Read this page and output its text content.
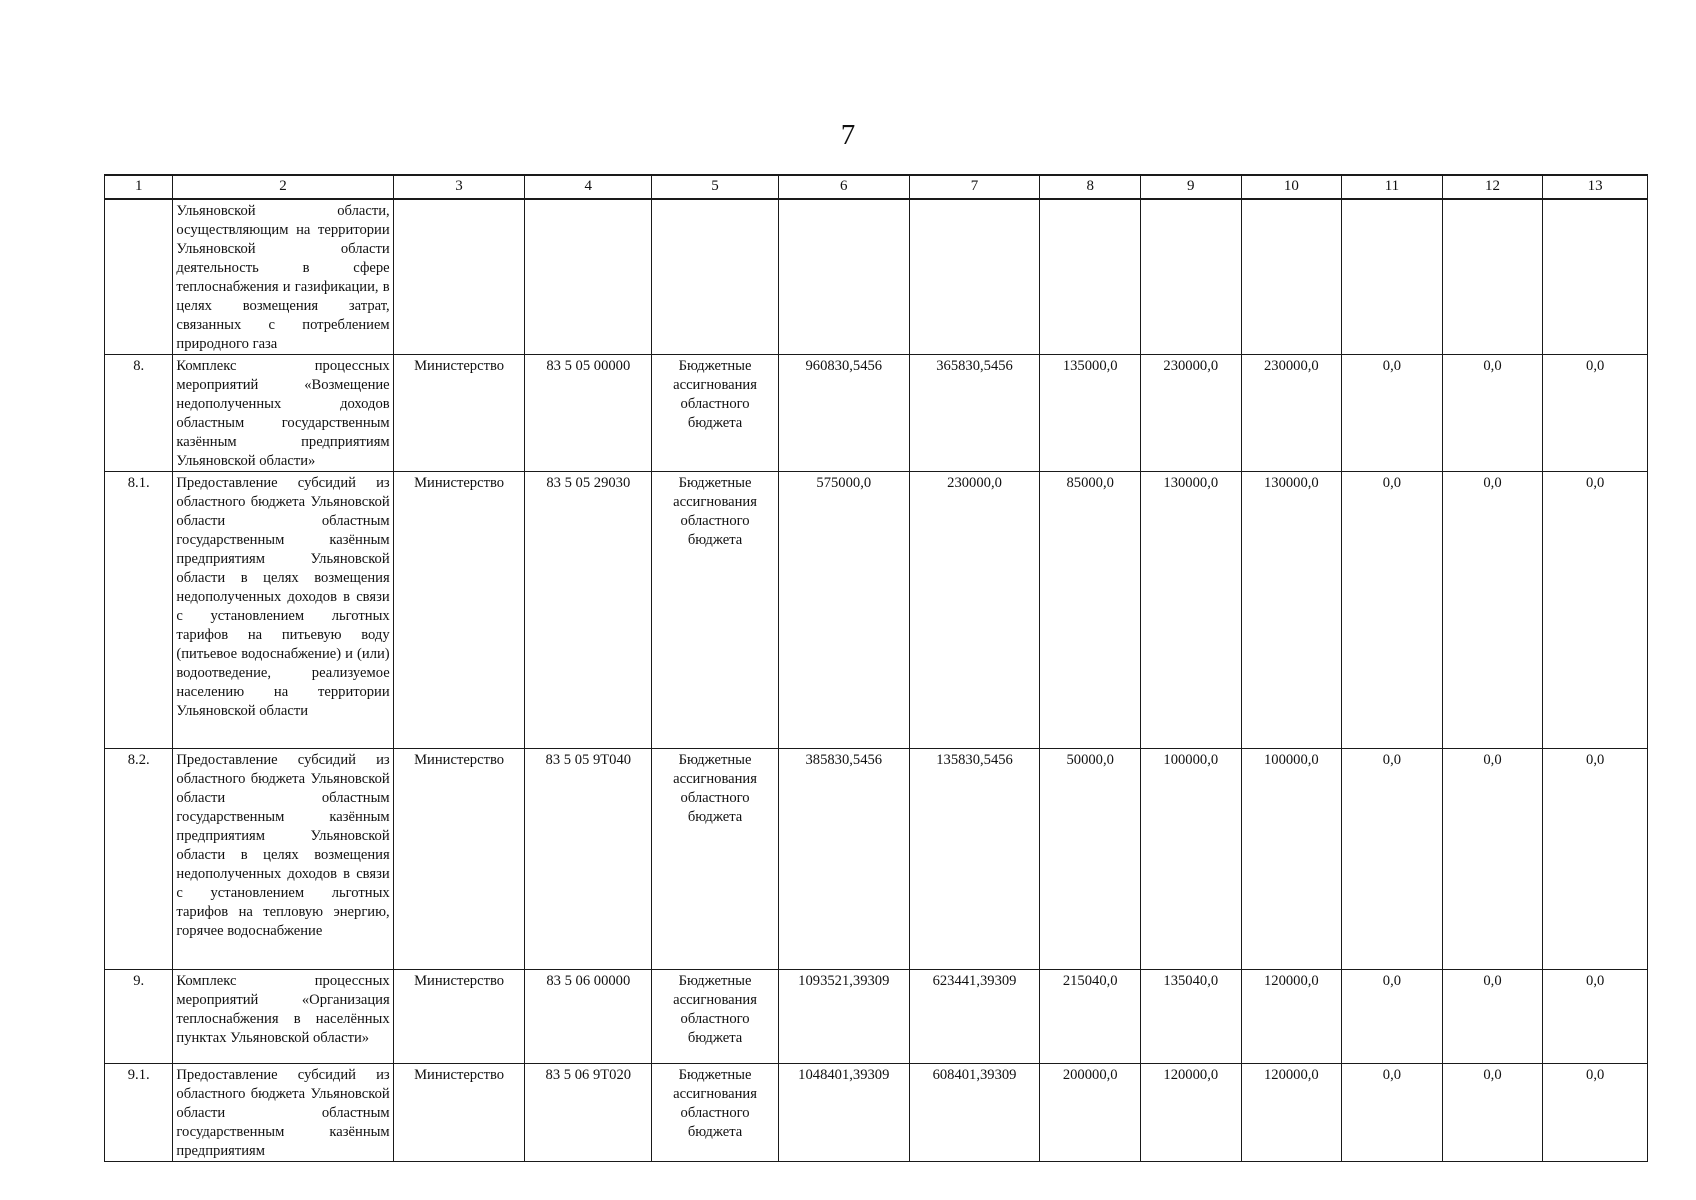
7
1	2	3	4	5	6	7	8	9	10	11	12	13
	Ульяновской области, осуществляющим на территории Ульяновской области деятельность в сфере теплоснабжения и газификации, в целях возмещения затрат, связанных с потреблением природного газа											
8.	Комплекс процессных мероприятий «Возмещение недополученных доходов областным государственным казённым предприятиям Ульяновской области»	Министерство	83 5 05 00000	Бюджетные ассигнования областного бюджета	960830,5456	365830,5456	135000,0	230000,0	230000,0	0,0	0,0	0,0
8.1.	Предоставление субсидий из областного бюджета Ульяновской области областным государственным казённым предприятиям Ульяновской области в целях возмещения недополученных доходов в связи с установлением льготных тарифов на питьевую воду (питьевое водоснабжение) и (или) водоотведение, реализуемое населению на территории Ульяновской области	Министерство	83 5 05 29030	Бюджетные ассигнования областного бюджета	575000,0	230000,0	85000,0	130000,0	130000,0	0,0	0,0	0,0
8.2.	Предоставление субсидий из областного бюджета Ульяновской области областным государственным казённым предприятиям Ульяновской области в целях возмещения недополученных доходов в связи с установлением льготных тарифов на тепловую энергию, горячее водоснабжение	Министерство	83 5 05 9Т040	Бюджетные ассигнования областного бюджета	385830,5456	135830,5456	50000,0	100000,0	100000,0	0,0	0,0	0,0
9.	Комплекс процессных мероприятий «Организация теплоснабжения в населённых пунктах Ульяновской области»	Министерство	83 5 06 00000	Бюджетные ассигнования областного бюджета	1093521,39309	623441,39309	215040,0	135040,0	120000,0	0,0	0,0	0,0
9.1.	Предоставление субсидий из областного бюджета Ульяновской области областным государственным казённым предприятиям	Министерство	83 5 06 9Т020	Бюджетные ассигнования областного бюджета	1048401,39309	608401,39309	200000,0	120000,0	120000,0	0,0	0,0	0,0
